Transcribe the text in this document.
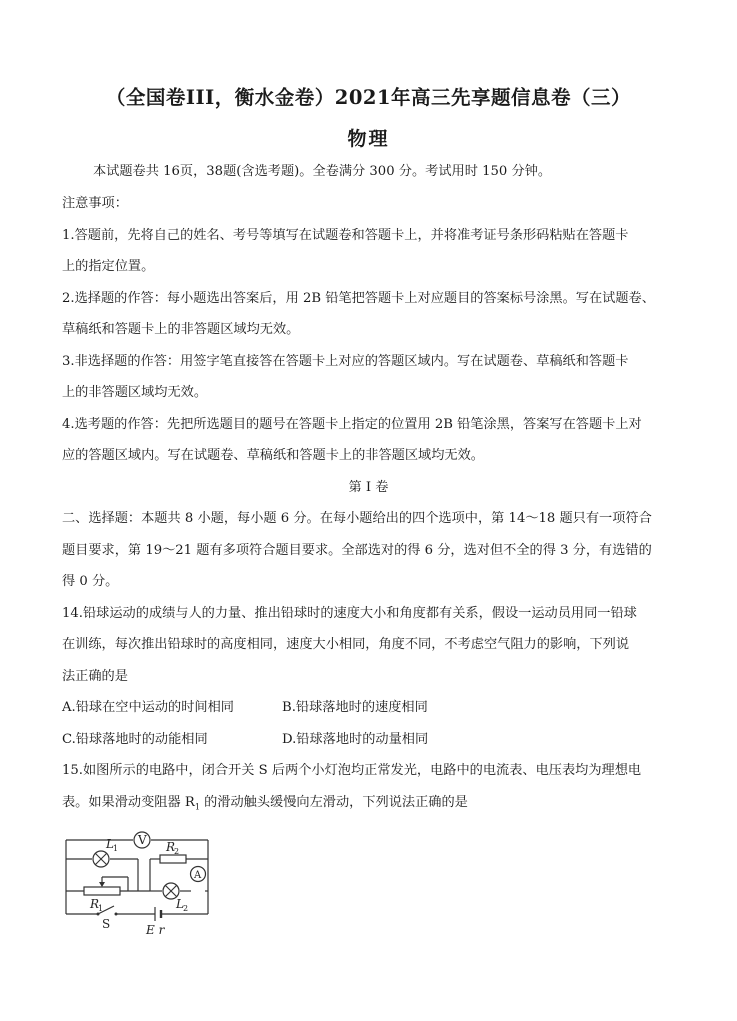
（全国卷III，衡水金卷）2021年高三先享题信息卷（三）
物理
本试题卷共 16页，38题(含选考题)。全卷满分 300 分。考试用时 150 分钟。
注意事项：
1.答题前，先将自己的姓名、考号等填写在试题卷和答题卡上，并将准考证号条形码粘贴在答题卡
上的指定位置。
2.选择题的作答：每小题选出答案后，用 2B 铅笔把答题卡上对应题目的答案标号涂黑。写在试题卷、
草稿纸和答题卡上的非答题区域均无效。
3.非选择题的作答：用签字笔直接答在答题卡上对应的答题区域内。写在试题卷、草稿纸和答题卡
上的非答题区域均无效。
4.选考题的作答：先把所选题目的题号在答题卡上指定的位置用 2B 铅笔涂黑，答案写在答题卡上对
应的答题区域内。写在试题卷、草稿纸和答题卡上的非答题区域均无效。
第 I 卷
二、选择题：本题共 8 小题，每小题 6 分。在每小题给出的四个选项中，第 14～18 题只有一项符合
题目要求，第 19～21 题有多项符合题目要求。全部选对的得 6 分，选对但不全的得 3 分，有选错的
得 0 分。
14.铅球运动的成绩与人的力量、推出铅球时的速度大小和角度都有关系，假设一运动员用同一铅球
在训练，每次推出铅球时的高度相同，速度大小相同，角度不同，不考虑空气阻力的影响，下列说
法正确的是
A.铅球在空中运动的时间相同	B.铅球落地时的速度相同
C.铅球落地时的动能相同	D.铅球落地时的动量相同
15.如图所示的电路中，闭合开关 S 后两个小灯泡均正常发光，电路中的电流表、电压表均为理想电
表。如果滑动变阻器 $R_1$ 的滑动触头缓慢向左滑动，下列说法正确的是
V
L 1	R
2
R
1	L 2
A
S	E r
